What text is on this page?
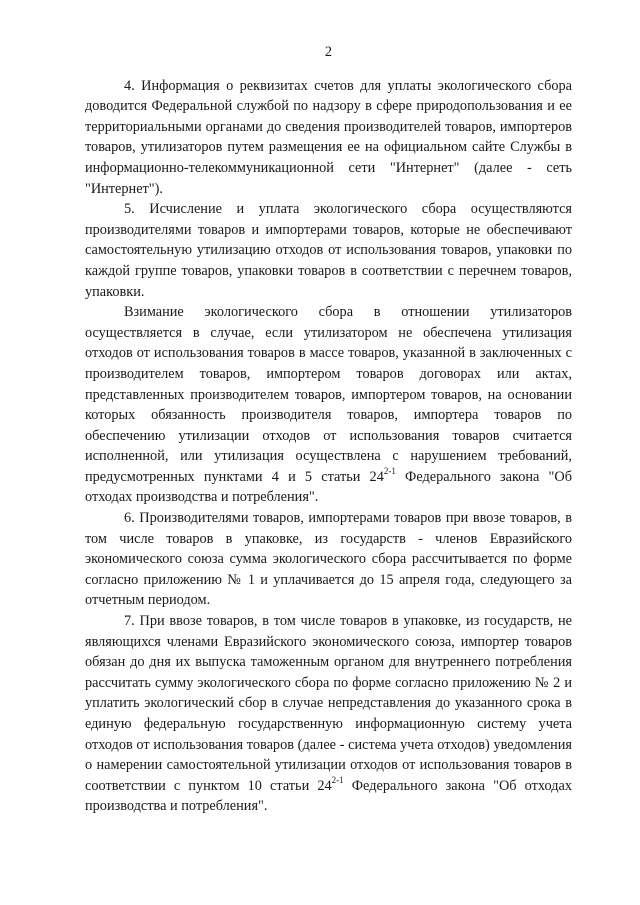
2

4. Информация о реквизитах счетов для уплаты экологического сбора доводится Федеральной службой по надзору в сфере природопользования и ее территориальными органами до сведения производителей товаров, импортеров товаров, утилизаторов путем размещения ее на официальном сайте Службы в информационно-телекоммуникационной сети "Интернет" (далее - сеть "Интернет").

5. Исчисление и уплата экологического сбора осуществляются производителями товаров и импортерами товаров, которые не обеспечивают самостоятельную утилизацию отходов от использования товаров, упаковки по каждой группе товаров, упаковки товаров в соответствии с перечнем товаров, упаковки.

Взимание экологического сбора в отношении утилизаторов осуществляется в случае, если утилизатором не обеспечена утилизация отходов от использования товаров в массе товаров, указанной в заключенных с производителем товаров, импортером товаров договорах или актах, представленных производителем товаров, импортером товаров, на основании которых обязанность производителя товаров, импортера товаров по обеспечению утилизации отходов от использования товаров считается исполненной, или утилизация осуществлена с нарушением требований, предусмотренных пунктами 4 и 5 статьи 24$^{2-1}$ Федерального закона "Об отходах производства и потребления".

6. Производителями товаров, импортерами товаров при ввозе товаров, в том числе товаров в упаковке, из государств - членов Евразийского экономического союза сумма экологического сбора рассчитывается по форме согласно приложению № 1 и уплачивается до 15 апреля года, следующего за отчетным периодом.

7. При ввозе товаров, в том числе товаров в упаковке, из государств, не являющихся членами Евразийского экономического союза, импортер товаров обязан до дня их выпуска таможенным органом для внутреннего потребления рассчитать сумму экологического сбора по форме согласно приложению № 2 и уплатить экологический сбор в случае непредставления до указанного срока в единую федеральную государственную информационную систему учета отходов от использования товаров (далее - система учета отходов) уведомления о намерении самостоятельной утилизации отходов от использования товаров в соответствии с пунктом 10 статьи 24$^{2-1}$ Федерального закона "Об отходах производства и потребления".
